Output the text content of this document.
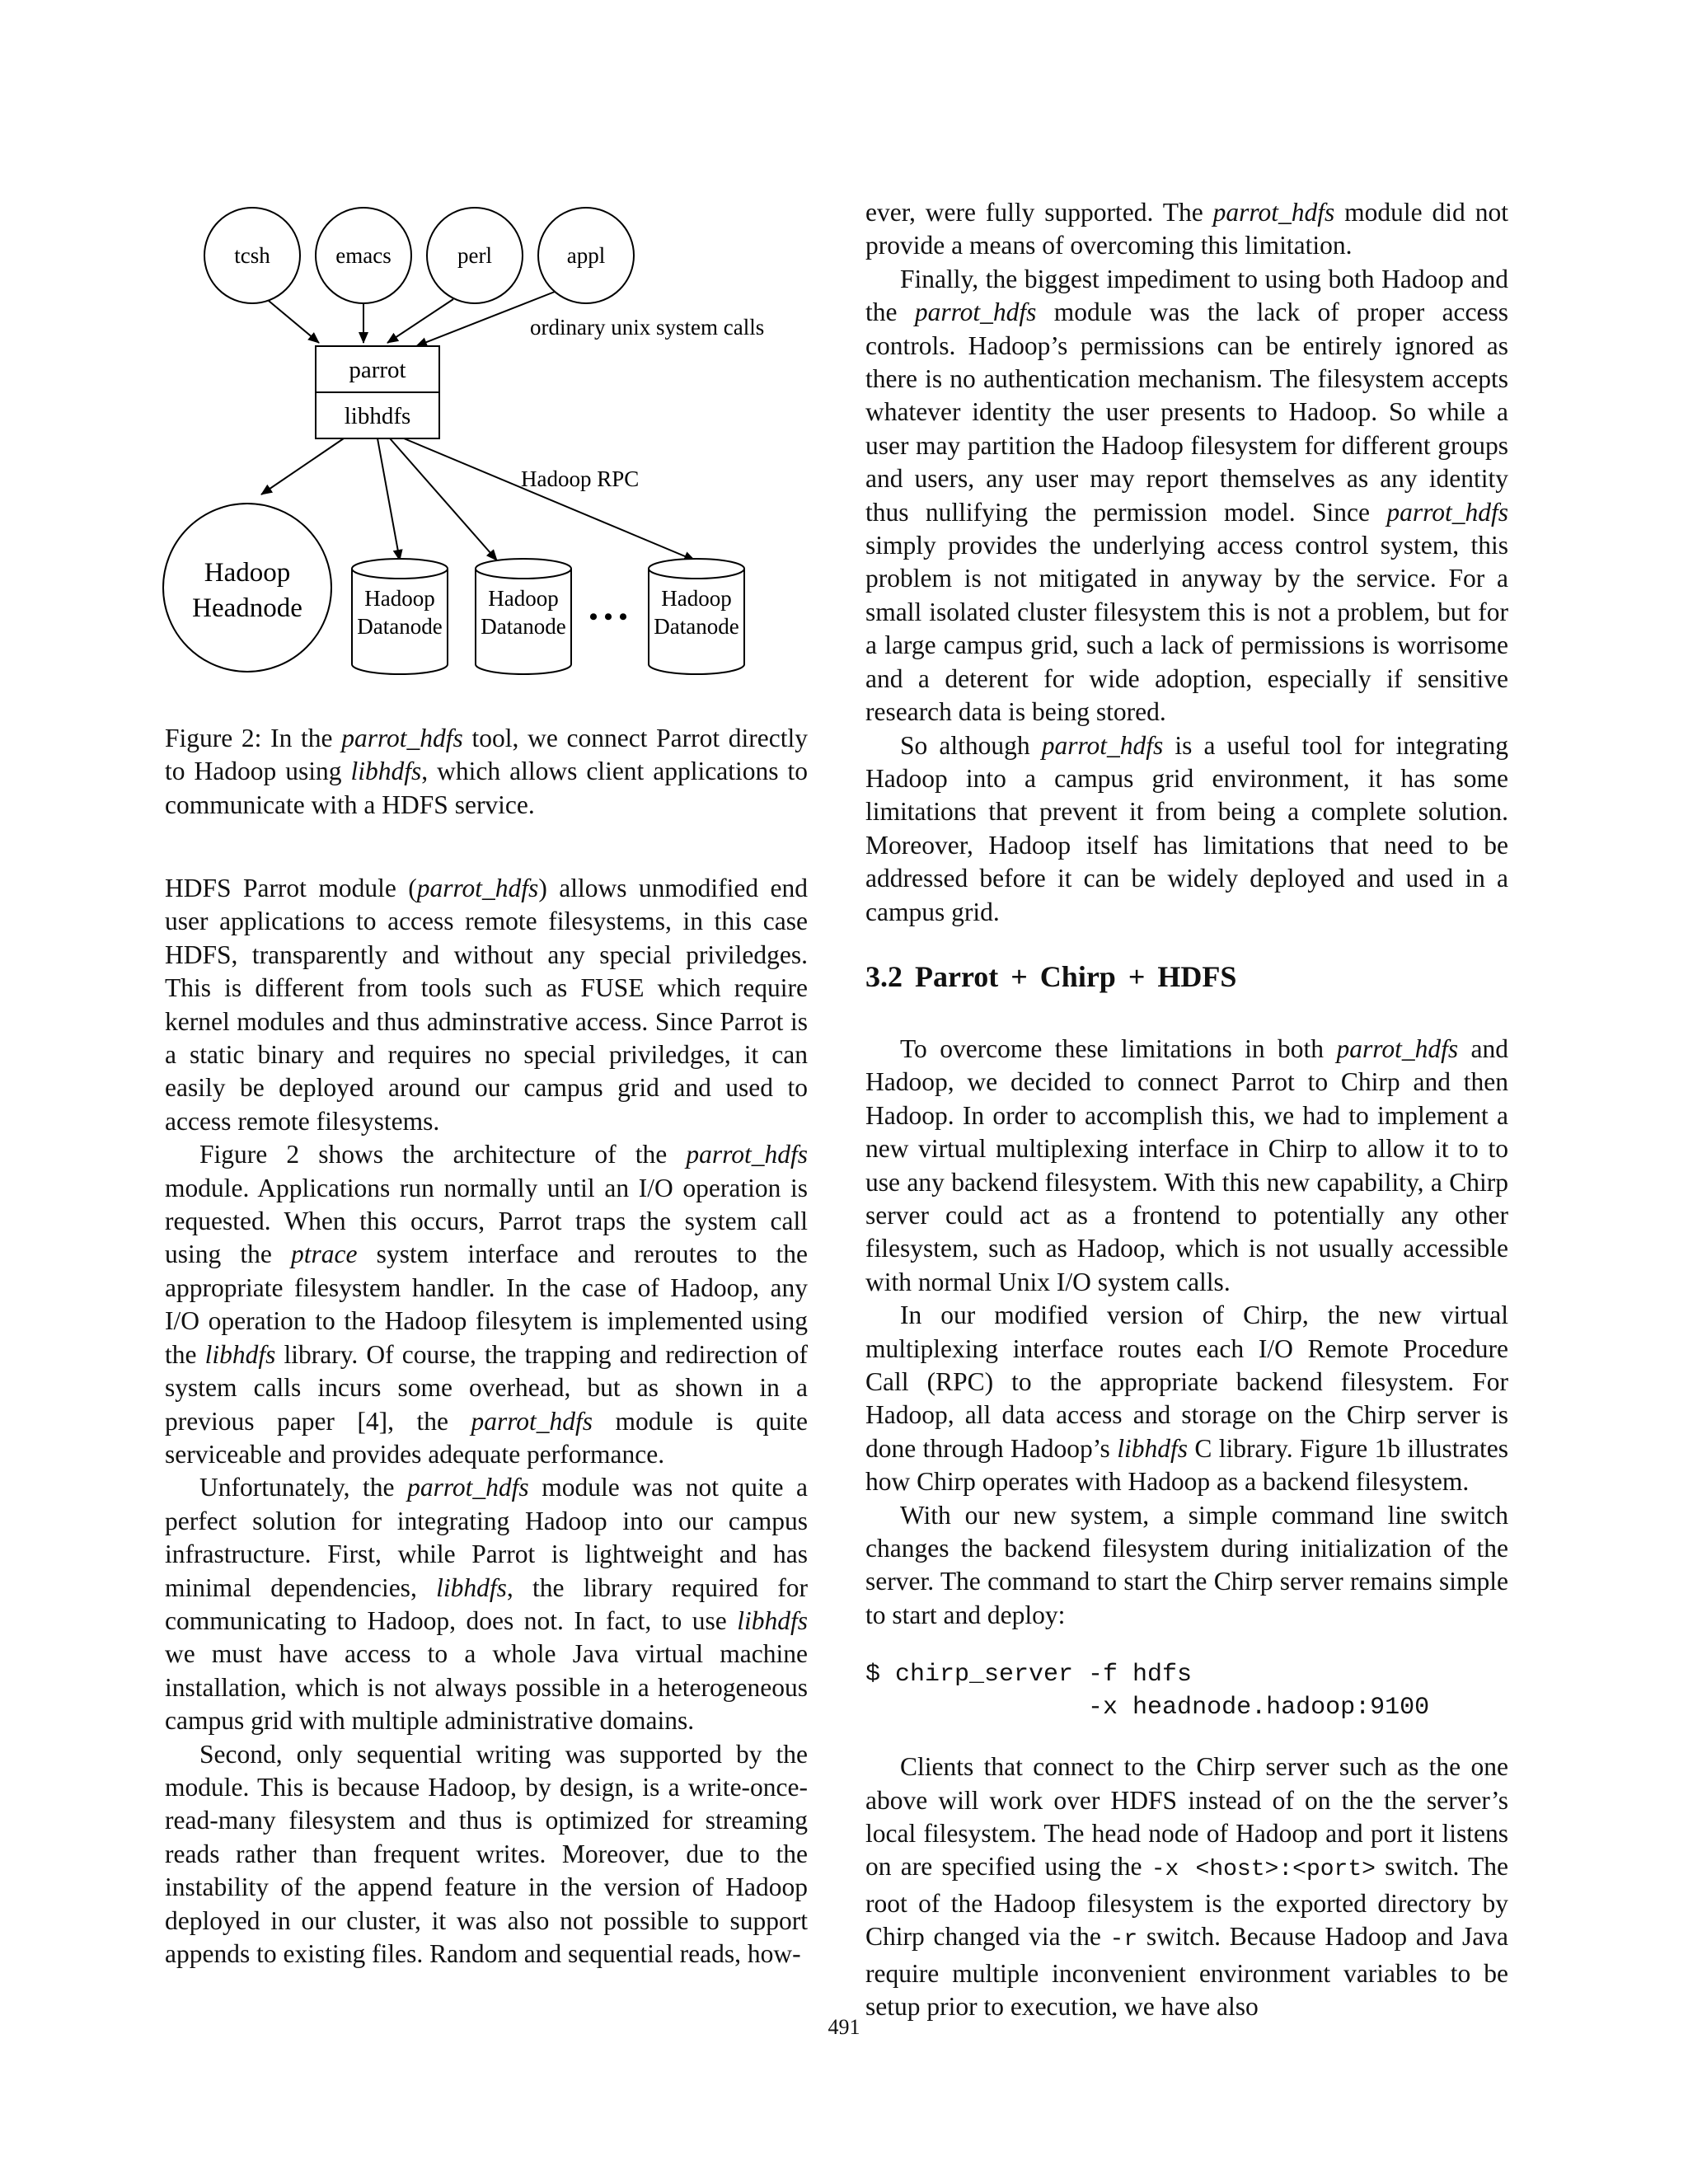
tcsh	emacs	perl	appl
ordinary unix system calls
parrot
libhdfs
Hadoop RPC
Hadoop
Headnode	Hadoop
Datanode
Hadoop
Datanode • • •
Hadoop
Datanode
Figure 2: In the parrot_hdfs tool, we connect Parrot directly to Hadoop using libhdfs, which allows client applications to communicate with a HDFS service.

HDFS Parrot module (parrot_hdfs) allows unmodified end user applications to access remote filesystems, in this case HDFS, transparently and without any special priviledges. This is different from tools such as FUSE which require kernel modules and thus adminstrative access. Since Parrot is a static binary and requires no special priviledges, it can easily be deployed around our campus grid and used to access remote filesystems.

Figure 2 shows the architecture of the parrot_hdfs module. Applications run normally until an I/O operation is requested. When this occurs, Parrot traps the system call using the ptrace system interface and reroutes to the appropriate filesystem handler. In the case of Hadoop, any I/O operation to the Hadoop filesytem is implemented using the libhdfs library. Of course, the trapping and redirection of system calls incurs some overhead, but as shown in a previous paper [4], the parrot_hdfs module is quite serviceable and provides adequate performance.

Unfortunately, the parrot_hdfs module was not quite a perfect solution for integrating Hadoop into our campus infrastructure. First, while Parrot is lightweight and has minimal dependencies, libhdfs, the library required for communicating to Hadoop, does not. In fact, to use libhdfs we must have access to a whole Java virtual machine installation, which is not always possible in a heterogeneous campus grid with multiple administrative domains.

Second, only sequential writing was supported by the module. This is because Hadoop, by design, is a write-once-read-many filesystem and thus is optimized for streaming reads rather than frequent writes. Moreover, due to the instability of the append feature in the version of Hadoop deployed in our cluster, it was also not possible to support appends to existing files. Random and sequential reads, how-

ever, were fully supported. The parrot_hdfs module did not provide a means of overcoming this limitation.

Finally, the biggest impediment to using both Hadoop and the parrot_hdfs module was the lack of proper access controls. Hadoop’s permissions can be entirely ignored as there is no authentication mechanism. The filesystem accepts whatever identity the user presents to Hadoop. So while a user may partition the Hadoop filesystem for different groups and users, any user may report themselves as any identity thus nullifying the permission model. Since parrot_hdfs simply provides the underlying access control system, this problem is not mitigated in anyway by the service. For a small isolated cluster filesystem this is not a problem, but for a large campus grid, such a lack of permissions is worrisome and a deterent for wide adoption, especially if sensitive research data is being stored.

So although parrot_hdfs is a useful tool for integrating Hadoop into a campus grid environment, it has some limitations that prevent it from being a complete solution. Moreover, Hadoop itself has limitations that need to be addressed before it can be widely deployed and used in a campus grid.

3.2 Parrot + Chirp + HDFS

To overcome these limitations in both parrot_hdfs and Hadoop, we decided to connect Parrot to Chirp and then Hadoop. In order to accomplish this, we had to implement a new virtual multiplexing interface in Chirp to allow it to to use any backend filesystem. With this new capability, a Chirp server could act as a frontend to potentially any other filesystem, such as Hadoop, which is not usually accessible with normal Unix I/O system calls.

In our modified version of Chirp, the new virtual multiplexing interface routes each I/O Remote Procedure Call (RPC) to the appropriate backend filesystem. For Hadoop, all data access and storage on the Chirp server is done through Hadoop’s libhdfs C library. Figure 1b illustrates how Chirp operates with Hadoop as a backend filesystem.

With our new system, a simple command line switch changes the backend filesystem during initialization of the server. The command to start the Chirp server remains simple to start and deploy:

$ chirp_server -f hdfs
-x headnode.hadoop:9100

Clients that connect to the Chirp server such as the one above will work over HDFS instead of on the the server’s local filesystem. The head node of Hadoop and port it listens on are specified using the -x <host>:<port> switch. The root of the Hadoop filesystem is the exported directory by Chirp changed via the -r switch. Because Hadoop and Java require multiple inconvenient environment variables to be setup prior to execution, we have also

491
